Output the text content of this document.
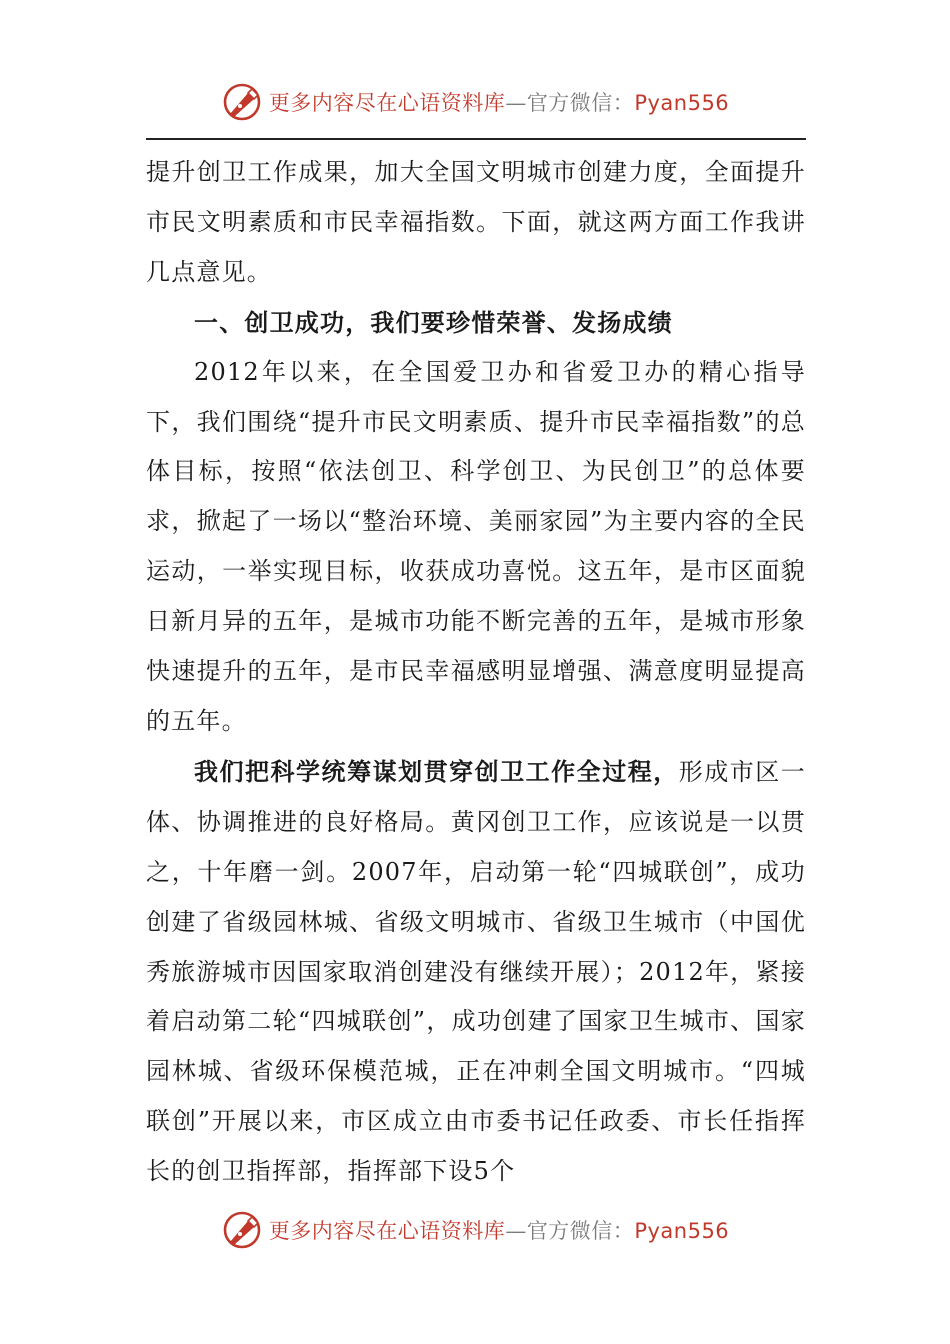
更多内容尽在心语资料库—官方微信：Pyan556

提升创卫工作成果，加大全国文明城市创建力度，全面提升市民文明素质和市民幸福指数。下面，就这两方面工作我讲几点意见。

一、创卫成功，我们要珍惜荣誉、发扬成绩

2012年以来，在全国爱卫办和省爱卫办的精心指导下，我们围绕“提升市民文明素质、提升市民幸福指数”的总体目标，按照“依法创卫、科学创卫、为民创卫”的总体要求，掀起了一场以“整治环境、美丽家园”为主要内容的全民运动，一举实现目标，收获成功喜悦。这五年，是市区面貌日新月异的五年，是城市功能不断完善的五年，是城市形象快速提升的五年，是市民幸福感明显增强、满意度明显提高的五年。

我们把科学统筹谋划贯穿创卫工作全过程，形成市区一体、协调推进的良好格局。黄冈创卫工作，应该说是一以贯之，十年磨一剑。2007年，启动第一轮“四城联创”，成功创建了省级园林城、省级文明城市、省级卫生城市（中国优秀旅游城市因国家取消创建没有继续开展）；2012年，紧接着启动第二轮“四城联创”，成功创建了国家卫生城市、国家园林城、省级环保模范城，正在冲刺全国文明城市。“四城联创”开展以来，市区成立由市委书记任政委、市长任指挥长的创卫指挥部，指挥部下设5个

更多内容尽在心语资料库—官方微信：Pyan556
